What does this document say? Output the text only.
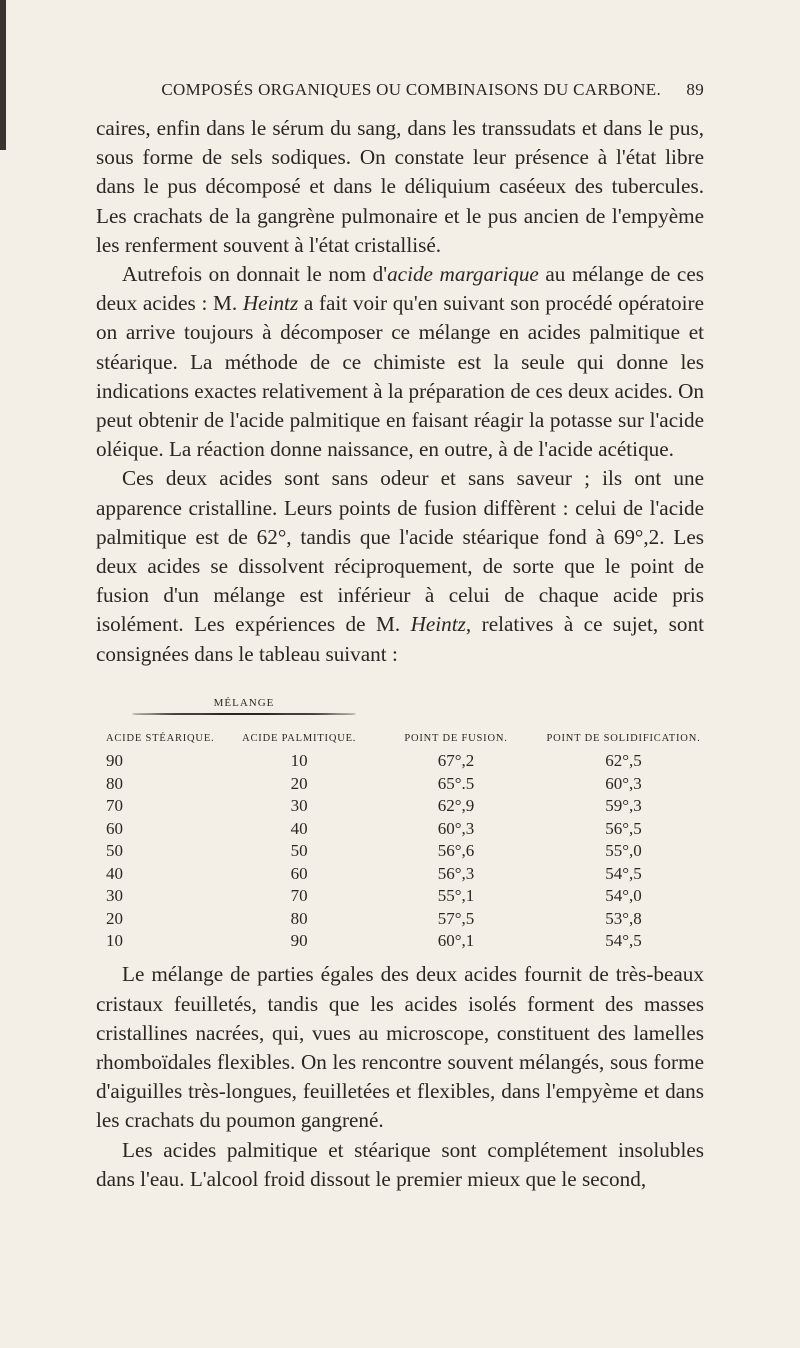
COMPOSÉS ORGANIQUES OU COMBINAISONS DU CARBONE.	89

caires, enfin dans le sérum du sang, dans les transsudats et dans le pus, sous forme de sels sodiques. On constate leur présence à l'état libre dans le pus décomposé et dans le déliquium caséeux des tubercules. Les crachats de la gangrène pulmonaire et le pus ancien de l'empyème les renferment souvent à l'état cristallisé.

Autrefois on donnait le nom d'acide margarique au mélange de ces deux acides : M. Heintz a fait voir qu'en suivant son procédé opératoire on arrive toujours à décomposer ce mélange en acides palmitique et stéarique. La méthode de ce chimiste est la seule qui donne les indications exactes relativement à la préparation de ces deux acides. On peut obtenir de l'acide palmitique en faisant réagir la potasse sur l'acide oléique. La réaction donne naissance, en outre, à de l'acide acétique.

Ces deux acides sont sans odeur et sans saveur ; ils ont une apparence cristalline. Leurs points de fusion diffèrent : celui de l'acide palmitique est de 62°, tandis que l'acide stéarique fond à 69°,2. Les deux acides se dissolvent réciproquement, de sorte que le point de fusion d'un mélange est inférieur à celui de chaque acide pris isolément. Les expériences de M. Heintz, relatives à ce sujet, sont consignées dans le tableau suivant :

MÉLANGE
ACIDE STÉARIQUE.	ACIDE PALMITIQUE.	POINT DE FUSION.	POINT DE SOLIDIFICATION.
90	10	67°,2	62°,5
80	20	65°.5	60°,3
70	30	62°,9	59°,3
60	40	60°,3	56°,5
50	50	56°,6	55°,0
40	60	56°,3	54°,5
30	70	55°,1	54°,0
20	80	57°,5	53°,8
10	90	60°,1	54°,5

Le mélange de parties égales des deux acides fournit de très-beaux cristaux feuilletés, tandis que les acides isolés forment des masses cristallines nacrées, qui, vues au microscope, constituent des lamelles rhomboïdales flexibles. On les rencontre souvent mélangés, sous forme d'aiguilles très-longues, feuilletées et flexibles, dans l'empyème et dans les crachats du poumon gangrené.

Les acides palmitique et stéarique sont complétement insolubles dans l'eau. L'alcool froid dissout le premier mieux que le second,
